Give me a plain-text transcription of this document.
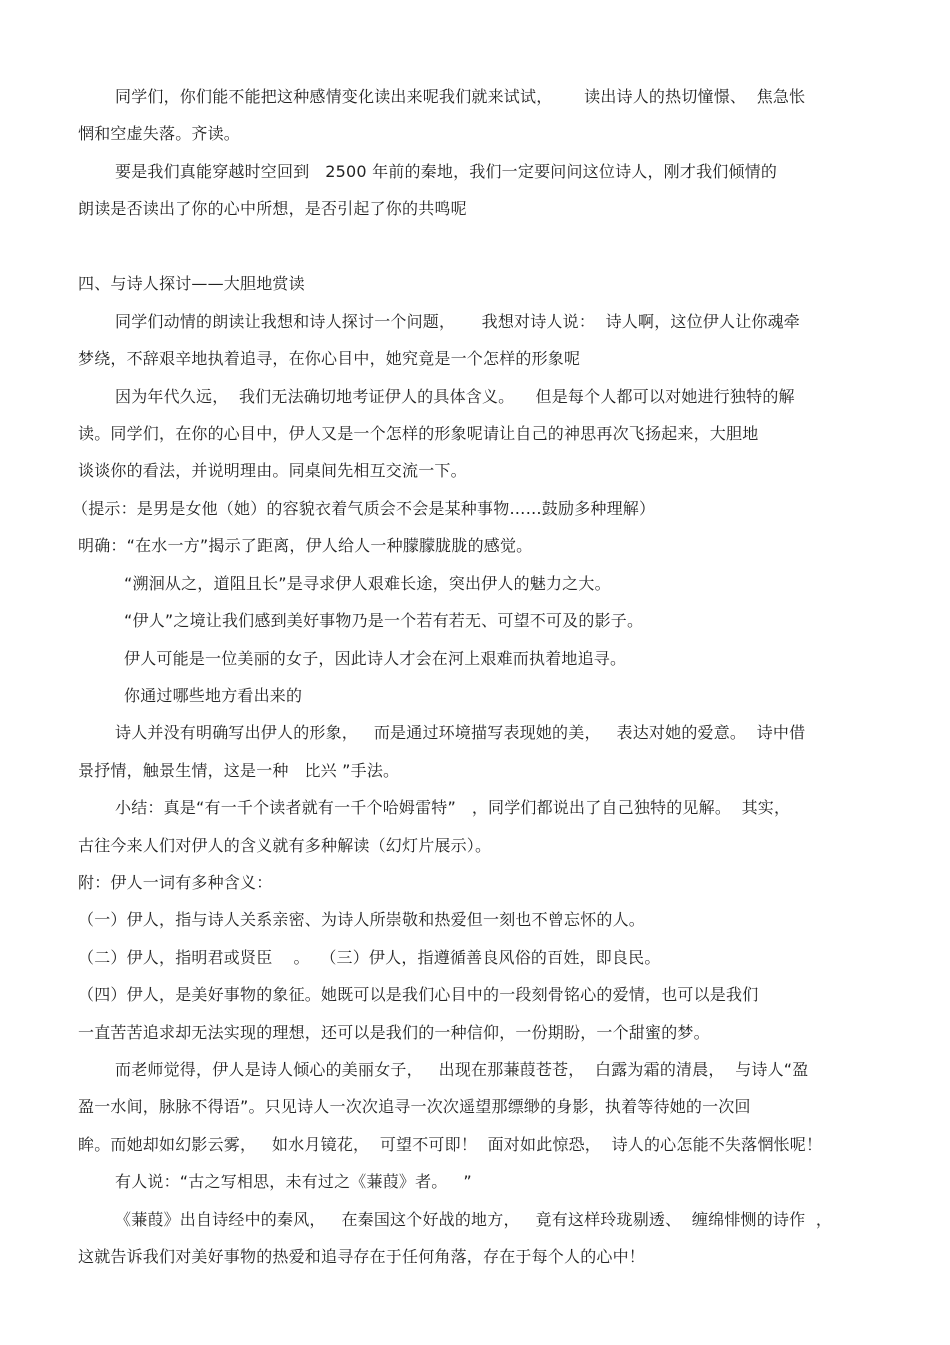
同学们，你们能不能把这种感情变化读出来呢我们就来试试，      读出诗人的热切憧憬、  焦急怅
惘和空虚失落。齐读。
要是我们真能穿越时空回到   2500 年前的秦地，我们一定要问问这位诗人，刚才我们倾情的
朗读是否读出了你的心中所想，是否引起了你的共鸣呢
四、与诗人探讨——大胆地赏读
同学们动情的朗读让我想和诗人探讨一个问题，     我想对诗人说：  诗人啊，这位伊人让你魂牵
梦绕，不辞艰辛地执着追寻，在你心目中，她究竟是一个怎样的形象呢
因为年代久远，  我们无法确切地考证伊人的具体含义。    但是每个人都可以对她进行独特的解
读。同学们，在你的心目中，伊人又是一个怎样的形象呢请让自己的神思再次飞扬起来，大胆地
谈谈你的看法，并说明理由。同桌间先相互交流一下。
（提示：是男是女他（她）的容貌衣着气质会不会是某种事物……鼓励多种理解）
明确：“在水一方”揭示了距离，伊人给人一种朦朦胧胧的感觉。
“溯洄从之，道阻且长”是寻求伊人艰难长途，突出伊人的魅力之大。
“伊人”之境让我们感到美好事物乃是一个若有若无、可望不可及的影子。
伊人可能是一位美丽的女子，因此诗人才会在河上艰难而执着地追寻。
你通过哪些地方看出来的
诗人并没有明确写出伊人的形象，   而是通过环境描写表现她的美，   表达对她的爱意。  诗中借
景抒情，触景生情，这是一种   比兴 ”手法。
小结：真是“有一千个读者就有一千个哈姆雷特”   ，同学们都说出了自己独特的见解。  其实，
古往今来人们对伊人的含义就有多种解读（幻灯片展示）。
附：伊人一词有多种含义：
（一）伊人，指与诗人关系亲密、为诗人所崇敬和热爱但一刻也不曾忘怀的人。
（二）伊人，指明君或贤臣    。  （三）伊人，指遵循善良风俗的百姓，即良民。
（四）伊人，是美好事物的象征。她既可以是我们心目中的一段刻骨铭心的爱情，也可以是我们
一直苦苦追求却无法实现的理想，还可以是我们的一种信仰，一份期盼，一个甜蜜的梦。
而老师觉得，伊人是诗人倾心的美丽女子，   出现在那蒹葭苍苍，  白露为霜的清晨，  与诗人“盈
盈一水间，脉脉不得语”。只见诗人一次次追寻一次次遥望那缥缈的身影，执着等待她的一次回
眸。而她却如幻影云雾，   如水月镜花，  可望不可即！  面对如此惊恐，  诗人的心怎能不失落惘怅呢！
有人说：“古之写相思，未有过之《蒹葭》者。   ”
《蒹葭》出自诗经中的秦风，   在秦国这个好战的地方，   竟有这样玲珑剔透、  缠绵悱恻的诗作  ，
这就告诉我们对美好事物的热爱和追寻存在于任何角落，存在于每个人的心中！
